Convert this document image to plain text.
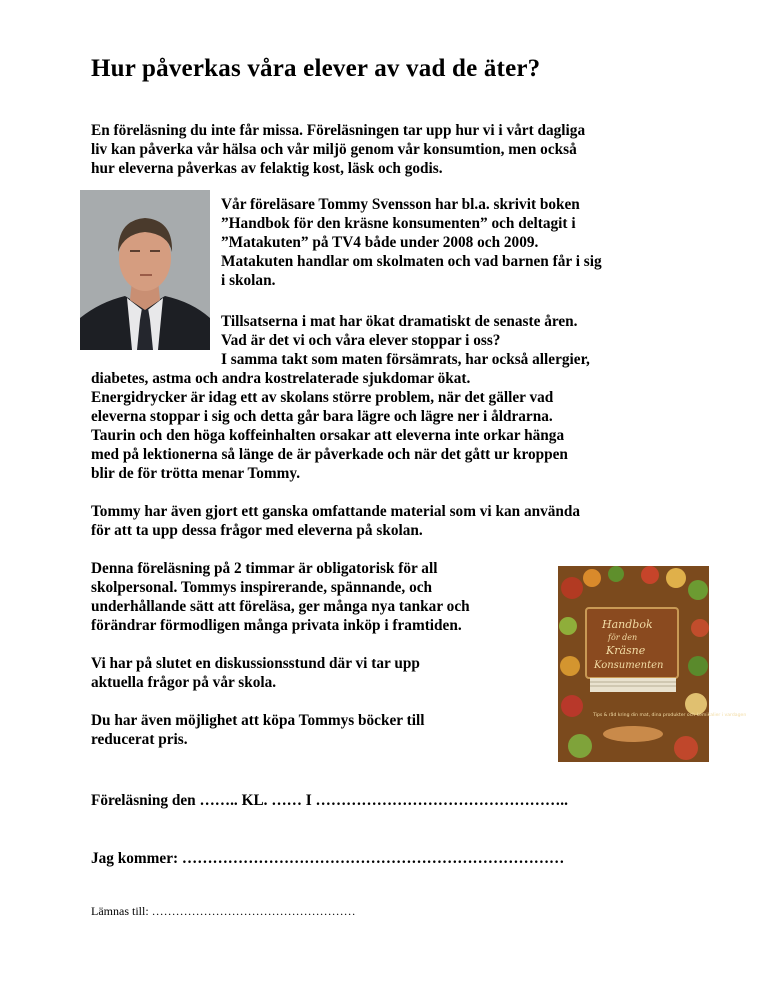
Hur påverkas våra elever av vad de äter?
En föreläsning du inte får missa. Föreläsningen tar upp hur vi i vårt dagliga
liv kan påverka vår hälsa och vår miljö genom vår konsumtion, men också
hur eleverna påverkas av felaktig kost, läsk och godis.
Vår föreläsare Tommy Svensson har bl.a. skrivit boken
”Handbok för den kräsne konsumenten” och deltagit i
”Matakuten” på TV4 både under 2008 och 2009.
Matakuten handlar om skolmaten och vad barnen får i sig
i skolan.
Tillsatserna i mat har ökat dramatiskt de senaste åren.
Vad är det vi och våra elever stoppar i oss?
I samma takt som maten försämrats, har också allergier,
diabetes, astma och andra kostrelaterade sjukdomar ökat.
Energidrycker är idag ett av skolans större problem, när det gäller vad
eleverna stoppar i sig och detta går bara lägre och lägre ner i åldrarna.
Taurin och den höga koffeinhalten orsakar att eleverna inte orkar hänga
med på lektionerna så länge de är påverkade och när det gått ur kroppen
blir de för trötta menar Tommy.
Tommy har även gjort ett ganska omfattande material som vi kan använda
för att ta upp dessa frågor med eleverna på skolan.
Denna föreläsning på 2 timmar är obligatorisk för all
skolpersonal. Tommys inspirerande, spännande, och
underhållande sätt att föreläsa, ger många nya tankar och
förändrar förmodligen många privata inköp i framtiden.
Vi har på slutet en diskussionsstund där vi tar upp
aktuella frågor på vår skola.
Du har även möjlighet att köpa Tommys böcker till
reducerat pris.
Handbok
för den
Kräsne
Konsumenten
Tips & råd kring din mat, dina produkter och kemikalier i vardagen
Föreläsning den …….. KL. …… I …………………………………………..
Jag kommer: …………………………………………………………………
Lämnas till: ……………………………………………
